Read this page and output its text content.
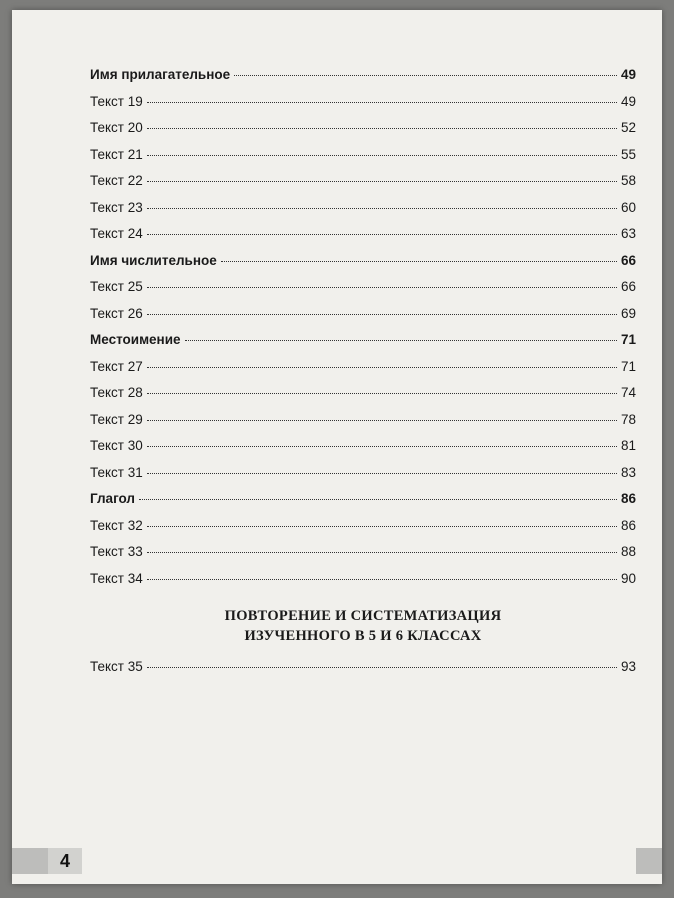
Имя прилагательное	49
Текст 19	49
Текст 20	52
Текст 21	55
Текст 22	58
Текст 23	60
Текст 24	63
Имя числительное	66
Текст 25	66
Текст 26	69
Местоимение	71
Текст 27	71
Текст 28	74
Текст 29	78
Текст 30	81
Текст 31	83
Глагол	86
Текст 32	86
Текст 33	88
Текст 34	90
ПОВТОРЕНИЕ И СИСТЕМАТИЗАЦИЯ
ИЗУЧЕННОГО В 5 И 6 КЛАССАХ
Текст 35	93
4
